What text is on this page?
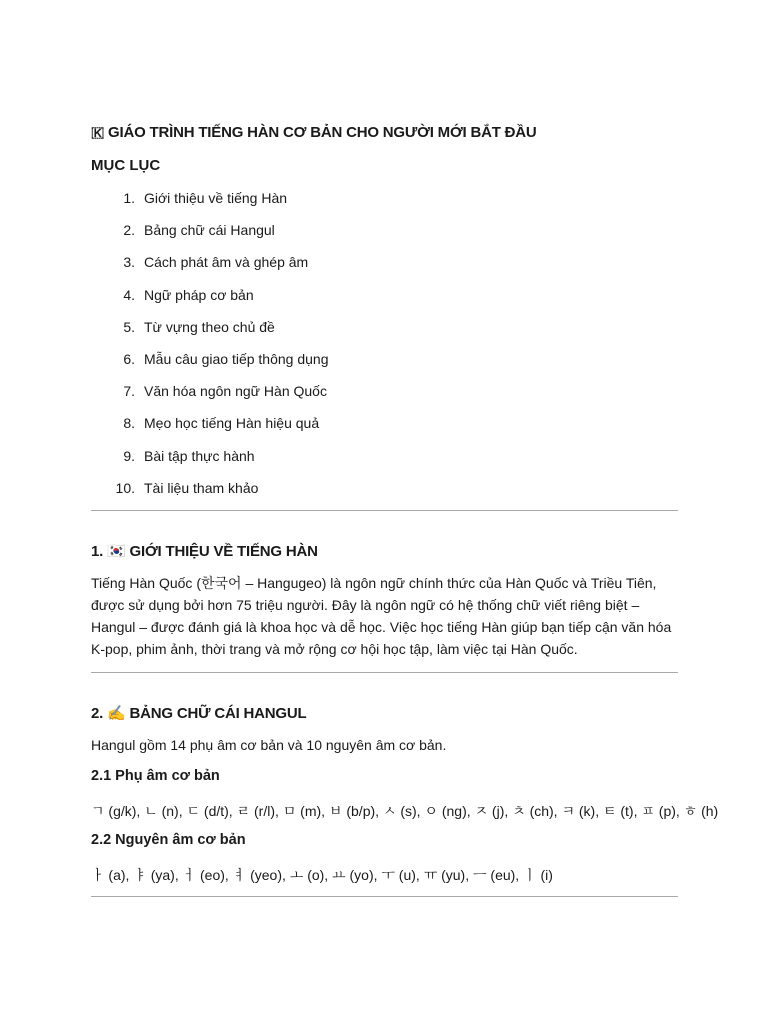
🇰 GIÁO TRÌNH TIẾNG HÀN CƠ BẢN CHO NGƯỜI MỚI BẮT ĐẦU
MỤC LỤC
1. Giới thiệu về tiếng Hàn
2. Bảng chữ cái Hangul
3. Cách phát âm và ghép âm
4. Ngữ pháp cơ bản
5. Từ vựng theo chủ đề
6. Mẫu câu giao tiếp thông dụng
7. Văn hóa ngôn ngữ Hàn Quốc
8. Mẹo học tiếng Hàn hiệu quả
9. Bài tập thực hành
10. Tài liệu tham khảo
1. 🇰🇷 GIỚI THIỆU VỀ TIẾNG HÀN
Tiếng Hàn Quốc (한국어 – Hangugeo) là ngôn ngữ chính thức của Hàn Quốc và Triều Tiên, được sử dụng bởi hơn 75 triệu người. Đây là ngôn ngữ có hệ thống chữ viết riêng biệt – Hangul – được đánh giá là khoa học và dễ học. Việc học tiếng Hàn giúp bạn tiếp cận văn hóa K-pop, phim ảnh, thời trang và mở rộng cơ hội học tập, làm việc tại Hàn Quốc.
2. ✍️ BẢNG CHỮ CÁI HANGUL
Hangul gồm 14 phụ âm cơ bản và 10 nguyên âm cơ bản.
2.1 Phụ âm cơ bản
ㄱ (g/k), ㄴ (n), ㄷ (d/t), ㄹ (r/l), ㅁ (m), ㅂ (b/p), ㅅ (s), ㅇ (ng), ㅈ (j), ㅊ (ch), ㅋ (k), ㅌ (t), ㅍ (p), ㅎ (h)
2.2 Nguyên âm cơ bản
ㅏ (a), ㅑ (ya), ㅓ (eo), ㅕ (yeo), ㅗ (o), ㅛ (yo), ㅜ (u), ㅠ (yu), ㅡ (eu), ㅣ (i)
